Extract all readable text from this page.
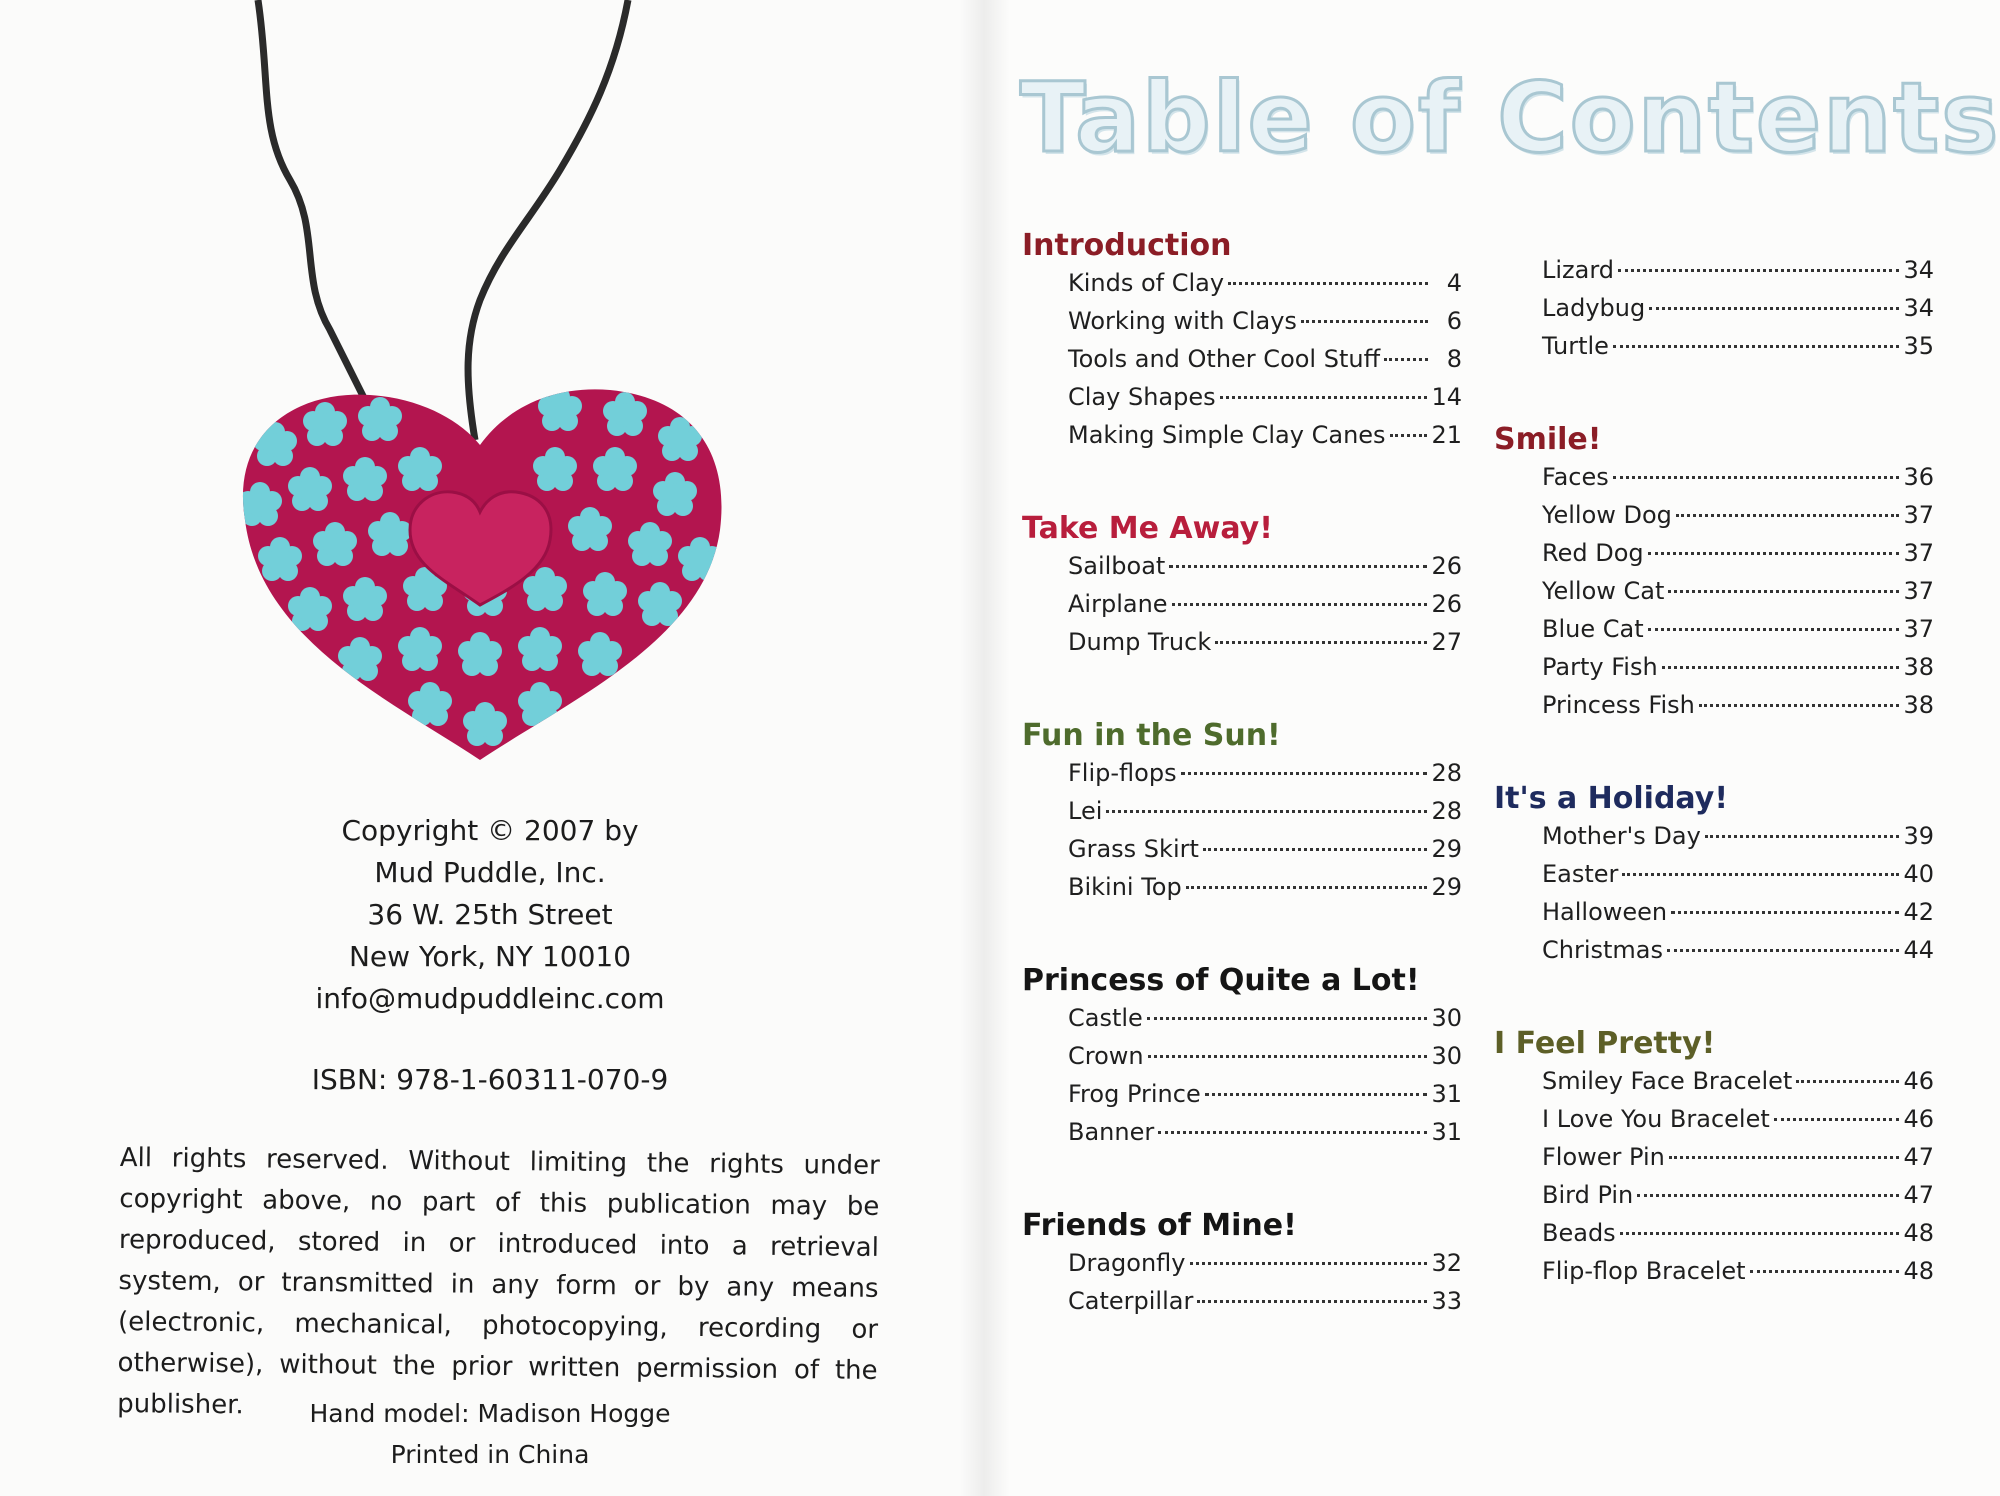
Copyright © 2007 by
Mud Puddle, Inc.
36 W. 25th Street
New York, NY 10010
info@mudpuddleinc.com
ISBN: 978-1-60311-070-9
All rights reserved. Without limiting the rights under copyright above, no part of this publication may be reproduced, stored in or introduced into a retrieval system, or transmitted in any form or by any means (electronic, mechanical, photocopying, recording or otherwise), without the prior written permission of the publisher.	Hand model: Madison Hogge
Printed in China
Table of Contents
Introduction
Kinds of Clay	4
Working with Clays	6
Tools and Other Cool Stuff	8
Clay Shapes	14
Making Simple Clay Canes 21
Take Me Away!
Sailboat	26
Airplane	26
Dump Truck	27
Fun in the Sun!
Flip-flops	28
Lei	28
Grass Skirt	29
Bikini Top	29
Princess of Quite a Lot!
Castle	30
Crown	30
Frog Prince	31
Banner	31
Friends of Mine!
Dragonfly	32
Caterpillar	33
Lizard	34
Ladybug	34
Turtle	35
Smile!
Faces	36
Yellow Dog	37
Red Dog	37
Yellow Cat	37
Blue Cat	37
Party Fish	38
Princess Fish	38
It's a Holiday!
Mother's Day	39
Easter	40
Halloween	42
Christmas	44
I Feel Pretty!
Smiley Face Bracelet	46
I Love You Bracelet	46
Flower Pin	47
Bird Pin	47
Beads	48
Flip-flop Bracelet	48
